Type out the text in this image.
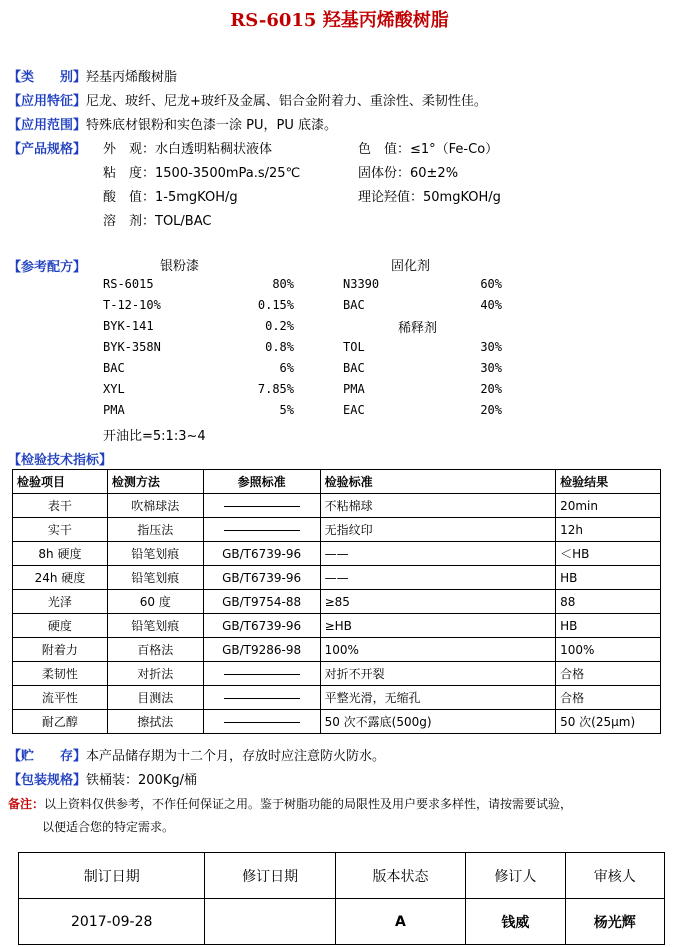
RS-6015 羟基丙烯酸树脂
【类　　别】羟基丙烯酸树脂
【应用特征】尼龙、玻纤、尼龙+玻纤及金属、铝合金附着力、重涂性、柔韧性佳。
【应用范围】特殊底材银粉和实色漆一涂 PU，PU 底漆。
【产品规格】 外　观：水白透明粘稠状液体	色　值：≤1°（Fe-Co）
粘　度：1500-3500mPa.s/25℃	固体份：60±2%
酸　值：1-5mgKOH/g	理论羟值：50mgKOH/g
溶　剂：TOL/BAC
【参考配方】	银粉漆	固化剂
稀释剂
RS-6015	80%
T-12-10%	0.15%
BYK-141	0.2%
BYK-358N	0.8%
BAC	6%
XYL	7.85%
PMA	5%
N3390	60%
BAC	40%
TOL	30%
BAC	30%
PMA	20%
EAC	20%
开油比=5:1:3~4
【检验技术指标】
检验项目	检测方法	参照标准	检验标准	检验结果
表干	吹棉球法		不粘棉球	20min
实干	指压法		无指纹印	12h
8h 硬度	铅笔划痕	GB/T6739-96	——	＜HB
24h 硬度	铅笔划痕	GB/T6739-96	——	HB
光泽	60 度	GB/T9754-88	≥85	88
硬度	铅笔划痕	GB/T6739-96	≥HB	HB
附着力	百格法	GB/T9286-98	100%	100%
柔韧性	对折法		对折不开裂	合格
流平性	目测法		平整光滑，无缩孔	合格
耐乙醇	擦拭法		50 次不露底(500g)	50 次(25μm)
【贮　　存】本产品储存期为十二个月，存放时应注意防火防水。
【包装规格】铁桶装：200Kg/桶
备注：以上资料仅供参考，不作任何保证之用。鉴于树脂功能的局限性及用户要求多样性，请按需要试验，
以便适合您的特定需求。
制订日期	修订日期	版本状态	修订人	审核人
2017-09-28		A	钱威	杨光辉
